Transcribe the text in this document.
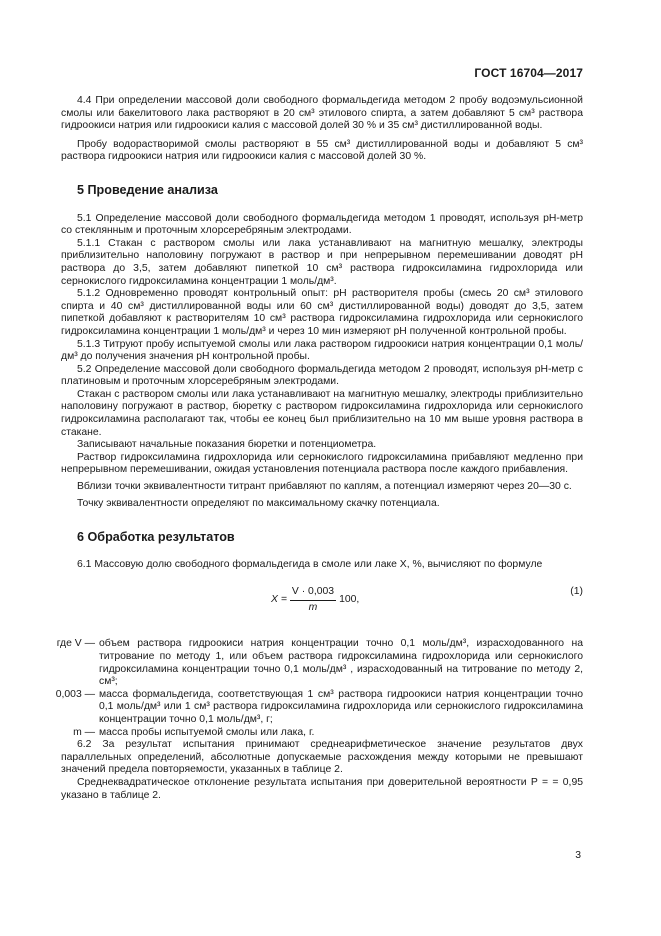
ГОСТ 16704—2017

4.4 При определении массовой доли свободного формальдегида методом 2 пробу водоэмульсионной смолы или бакелитового лака растворяют в 20 см³ этилового спирта, а затем добавляют 5 см³ раствора гидроокиси натрия или гидроокиси калия с массовой долей 30 % и 35 см³ дистиллированной воды.

Пробу водорастворимой смолы растворяют в 55 см³ дистиллированной воды и добавляют 5 см³ раствора гидроокиси натрия или гидроокиси калия с массовой долей 30 %.

5 Проведение анализа

5.1 Определение массовой доли свободного формальдегида методом 1 проводят, используя pH-метр со стеклянным и проточным хлорсеребряным электродами.

5.1.1 Стакан с раствором смолы или лака устанавливают на магнитную мешалку, электроды приблизительно наполовину погружают в раствор и при непрерывном перемешивании доводят pH раствора до 3,5, затем добавляют пипеткой 10 см³ раствора гидроксиламина гидрохлорида или сернокислого гидроксиламина концентрации 1 моль/дм³.

5.1.2 Одновременно проводят контрольный опыт: pH растворителя пробы (смесь 20 см³ этилового спирта и 40 см³ дистиллированной воды или 60 см³ дистиллированной воды) доводят до 3,5, затем пипеткой добавляют к растворителям 10 см³ раствора гидроксиламина гидрохлорида или сернокислого гидроксиламина концентрации 1 моль/дм³ и через 10 мин измеряют pH полученной контрольной пробы.

5.1.3 Титруют пробу испытуемой смолы или лака раствором гидроокиси натрия концентрации 0,1 моль/дм³ до получения значения pH контрольной пробы.

5.2 Определение массовой доли свободного формальдегида методом 2 проводят, используя pH-метр с платиновым и проточным хлорсеребряным электродами.

Стакан с раствором смолы или лака устанавливают на магнитную мешалку, электроды приблизительно наполовину погружают в раствор, бюретку с раствором гидроксиламина гидрохлорида или сернокислого гидроксиламина располагают так, чтобы ее конец был приблизительно на 10 мм выше уровня раствора в стакане.

Записывают начальные показания бюретки и потенциометра.

Раствор гидроксиламина гидрохлорида или сернокислого гидроксиламина прибавляют медленно при непрерывном перемешивании, ожидая установления потенциала раствора после каждого прибавления.

Вблизи точки эквивалентности титрант прибавляют по каплям, а потенциал измеряют через 20—30 с.

Точку эквивалентности определяют по максимальному скачку потенциала.

6 Обработка результатов

6.1 Массовую долю свободного формальдегида в смоле или лаке X, %, вычисляют по формуле

$X = \frac{V \cdot 0,003}{m} 100$,
(1)
где V — объем раствора гидроокиси натрия концентрации точно 0,1 моль/дм³, израсходованного на титрование по методу 1, или объем раствора гидроксиламина гидрохлорида или сернокислого гидроксиламина концентрации точно 0,1 моль/дм³ , израсходованный на титрование по методу 2, см³;
0,003 — масса формальдегида, соответствующая 1 см³ раствора гидроокиси натрия концентрации точно 0,1 моль/дм³ или 1 см³ раствора гидроксиламина гидрохлорида или сернокислого гидроксиламина концентрации точно 0,1 моль/дм³, г;
m — масса пробы испытуемой смолы или лака, г.

6.2 За результат испытания принимают среднеарифметическое значение результатов двух параллельных определений, абсолютные допускаемые расхождения между которыми не превышают значений предела повторяемости, указанных в таблице 2.

Среднеквадратическое отклонение результата испытания при доверительной вероятности P = = 0,95 указано в таблице 2.

3
